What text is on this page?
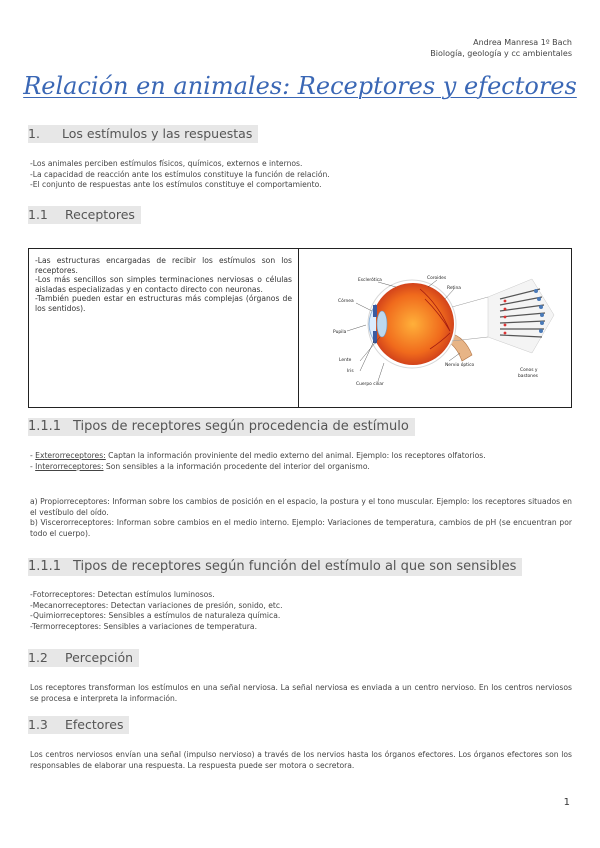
Andrea Manresa 1º Bach
Biología, geología y cc ambientales
Relación en animales: Receptores y efectores
1. Los estímulos y las respuestas
-Los animales perciben estímulos físicos, químicos, externos e internos.
-La capacidad de reacción ante los estímulos constituye la función de relación.
-El conjunto de respuestas ante los estímulos constituye el comportamiento.
1.1 Receptores
-Las estructuras encargadas de recibir los estímulos son los receptores.
-Los más sencillos son simples terminaciones nerviosas o células aisladas especializadas y en contacto directo con neuronas.
-También pueden estar en estructuras más complejas (órganos de los sentidos).
Esclerótica	Coroides
Retina
Córnea
Pupila
Lente
Iris
Nervio óptico
Cuerpo ciliar
Conos y
bastones
1.1.1 Tipos de receptores según procedencia de estímulo
- Exterorreceptores: Captan la información proviniente del medio externo del animal. Ejemplo: los receptores olfatorios.
- Interorreceptores: Son sensibles a la información procedente del interior del organismo.
a) Propiorreceptores: Informan sobre los cambios de posición en el espacio, la postura y el tono muscular. Ejemplo: los receptores situados en el vestíbulo del oído.
b) Viscerorreceptores: Informan sobre cambios en el medio interno. Ejemplo: Variaciones de temperatura, cambios de pH (se encuentran por todo el cuerpo).
1.1.1 Tipos de receptores según función del estímulo al que son sensibles
-Fotorreceptores: Detectan estímulos luminosos.
-Mecanorreceptores: Detectan variaciones de presión, sonido, etc.
-Quimiorreceptores: Sensibles a estímulos de naturaleza química.
-Termorreceptores: Sensibles a variaciones de temperatura.
1.2 Percepción
Los receptores transforman los estímulos en una señal nerviosa. La señal nerviosa es enviada a un centro nervioso. En los centros nerviosos se procesa e interpreta la información.
1.3 Efectores
Los centros nerviosos envían una señal (impulso nervioso) a través de los nervios hasta los órganos efectores. Los órganos efectores son los responsables de elaborar una respuesta. La respuesta puede ser motora o secretora.
1
